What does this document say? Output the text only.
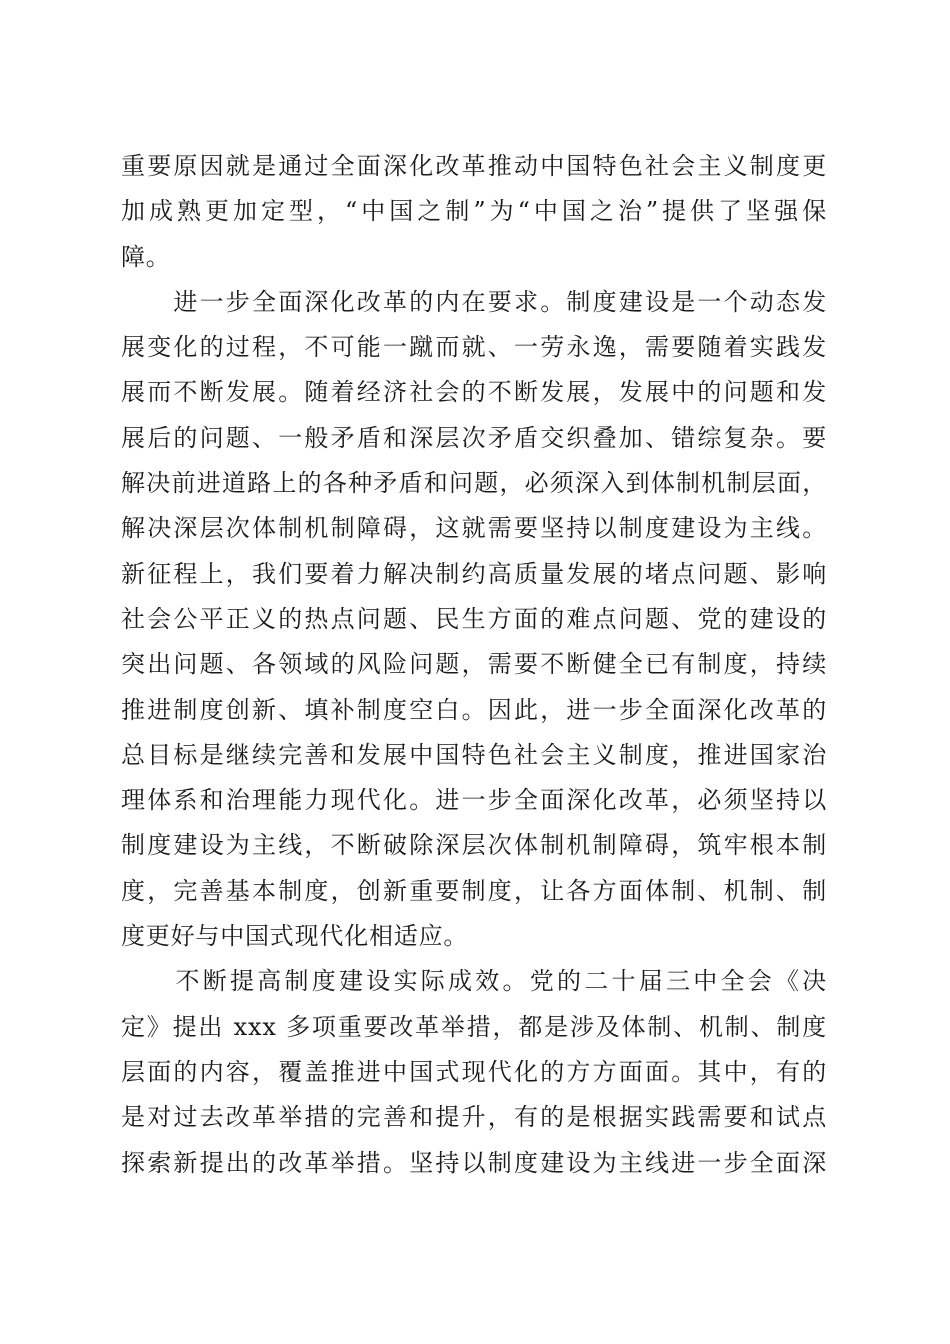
重要原因就是通过全面深化改革推动中国特色社会主义制度更
加成熟更加定型，“中国之制”为“中国之治”提供了坚强保
障。
　　进一步全面深化改革的内在要求。制度建设是一个动态发
展变化的过程，不可能一蹴而就、一劳永逸，需要随着实践发
展而不断发展。随着经济社会的不断发展，发展中的问题和发
展后的问题、一般矛盾和深层次矛盾交织叠加、错综复杂。要
解决前进道路上的各种矛盾和问题，必须深入到体制机制层面，
解决深层次体制机制障碍，这就需要坚持以制度建设为主线。
新征程上，我们要着力解决制约高质量发展的堵点问题、影响
社会公平正义的热点问题、民生方面的难点问题、党的建设的
突出问题、各领域的风险问题，需要不断健全已有制度，持续
推进制度创新、填补制度空白。因此，进一步全面深化改革的
总目标是继续完善和发展中国特色社会主义制度，推进国家治
理体系和治理能力现代化。进一步全面深化改革，必须坚持以
制度建设为主线，不断破除深层次体制机制障碍，筑牢根本制
度，完善基本制度，创新重要制度，让各方面体制、机制、制
度更好与中国式现代化相适应。
　　不断提高制度建设实际成效。党的二十届三中全会《决
定》提出 xxx 多项重要改革举措，都是涉及体制、机制、制度
层面的内容，覆盖推进中国式现代化的方方面面。其中，有的
是对过去改革举措的完善和提升，有的是根据实践需要和试点
探索新提出的改革举措。坚持以制度建设为主线进一步全面深
